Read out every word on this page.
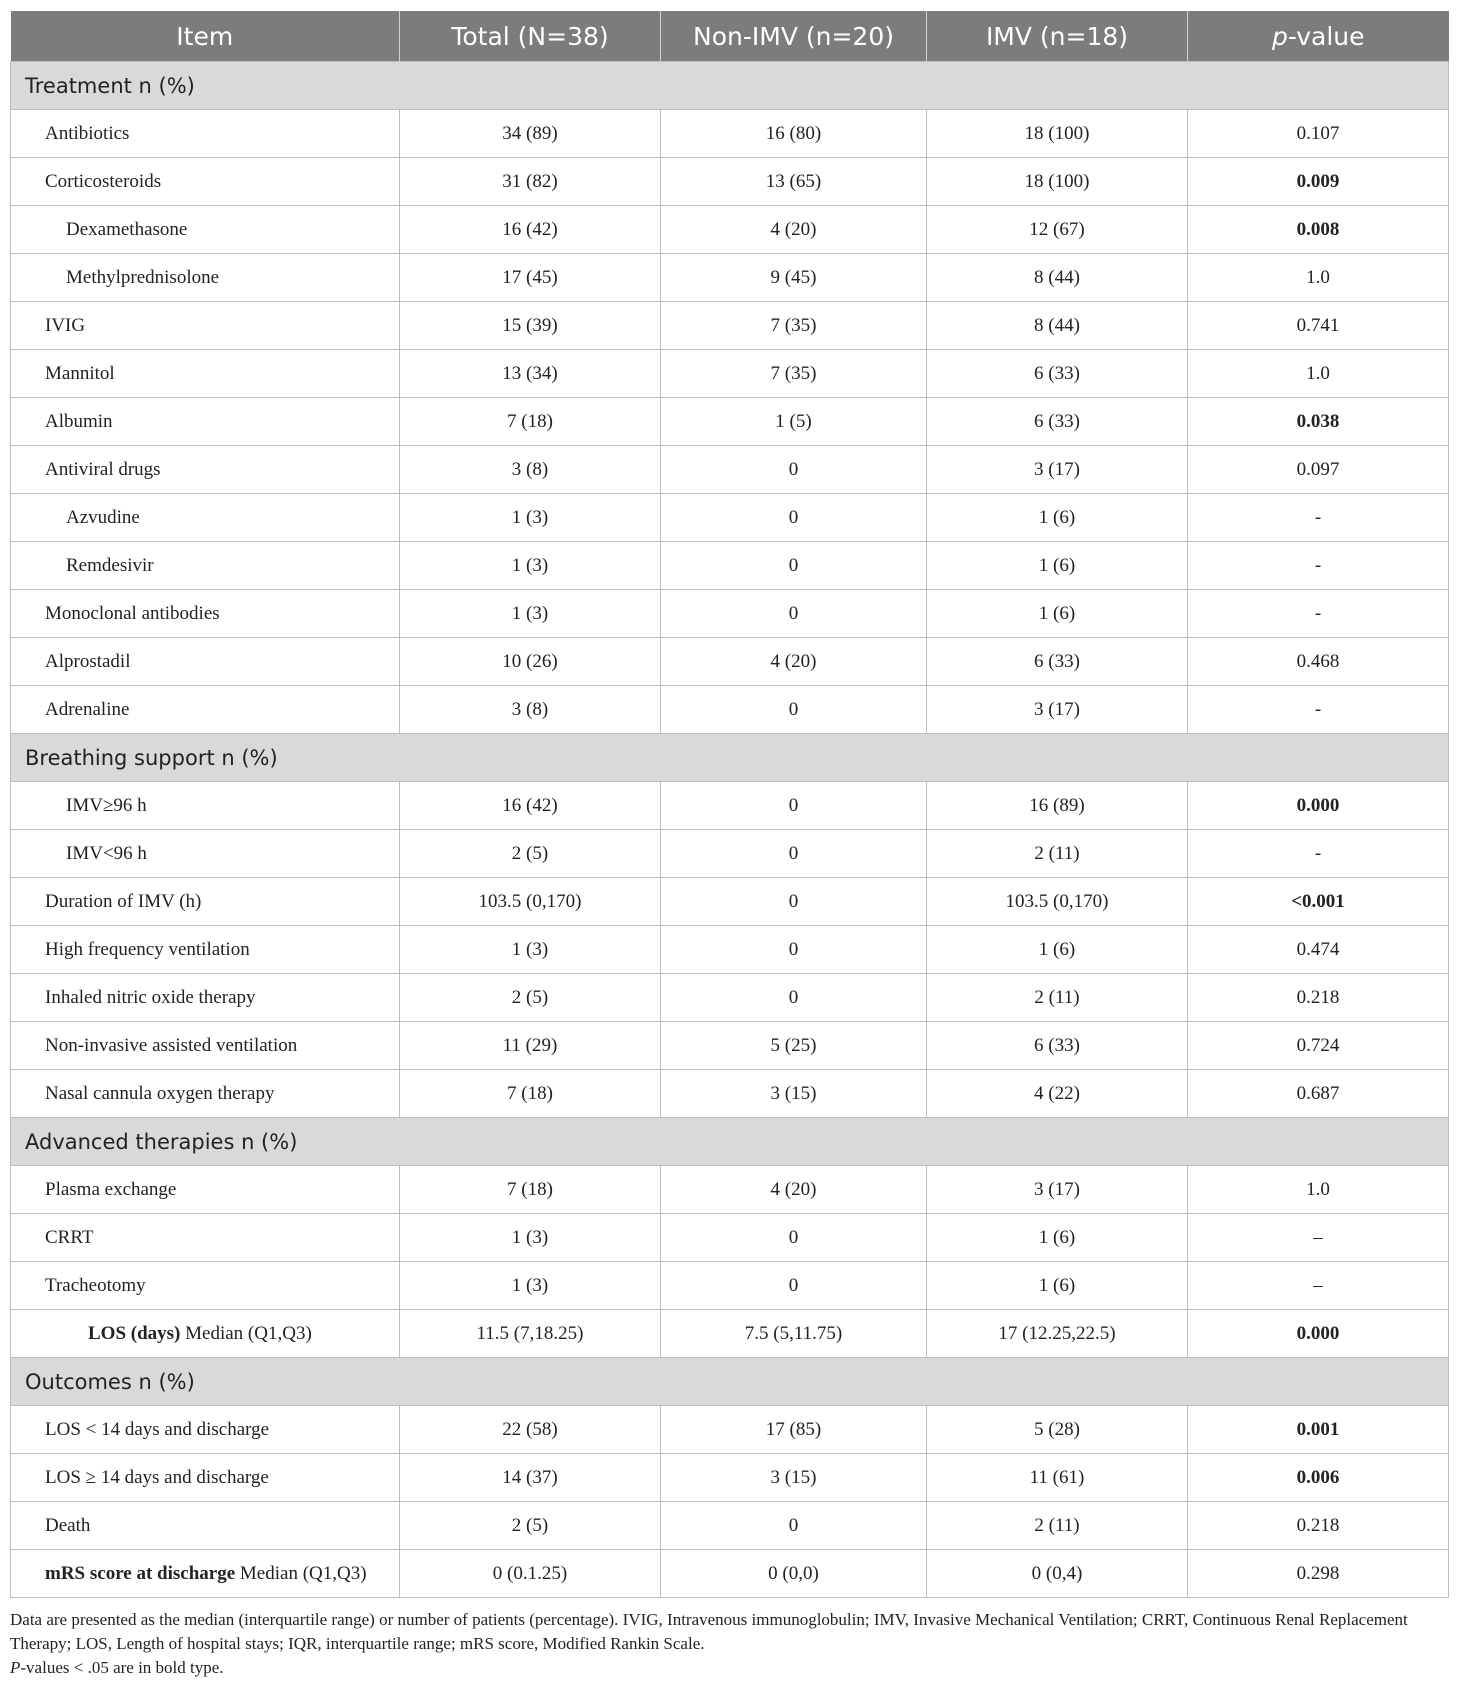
Item	Total (N=38)	Non-IMV (n=20)	IMV (n=18)	p-value
Treatment n (%)				
Antibiotics	34 (89)	16 (80)	18 (100)	0.107
Corticosteroids	31 (82)	13 (65)	18 (100)	0.009
Dexamethasone	16 (42)	4 (20)	12 (67)	0.008
Methylprednisolone	17 (45)	9 (45)	8 (44)	1.0
IVIG	15 (39)	7 (35)	8 (44)	0.741
Mannitol	13 (34)	7 (35)	6 (33)	1.0
Albumin	7 (18)	1 (5)	6 (33)	0.038
Antiviral drugs	3 (8)	0	3 (17)	0.097
Azvudine	1 (3)	0	1 (6)	-
Remdesivir	1 (3)	0	1 (6)	-
Monoclonal antibodies	1 (3)	0	1 (6)	-
Alprostadil	10 (26)	4 (20)	6 (33)	0.468
Adrenaline	3 (8)	0	3 (17)	-
Breathing support n (%)				
IMV≥96 h	16 (42)	0	16 (89)	0.000
IMV<96 h	2 (5)	0	2 (11)	-
Duration of IMV (h)	103.5 (0,170)	0	103.5 (0,170)	<0.001
High frequency ventilation	1 (3)	0	1 (6)	0.474
Inhaled nitric oxide therapy	2 (5)	0	2 (11)	0.218
Non-invasive assisted ventilation	11 (29)	5 (25)	6 (33)	0.724
Nasal cannula oxygen therapy	7 (18)	3 (15)	4 (22)	0.687
Advanced therapies n (%)				
Plasma exchange	7 (18)	4 (20)	3 (17)	1.0
CRRT	1 (3)	0	1 (6)	–
Tracheotomy	1 (3)	0	1 (6)	–
LOS (days) Median (Q1,Q3)	11.5 (7,18.25)	7.5 (5,11.75)	17 (12.25,22.5)	0.000
Outcomes n (%)				
LOS < 14 days and discharge	22 (58)	17 (85)	5 (28)	0.001
LOS ≥ 14 days and discharge	14 (37)	3 (15)	11 (61)	0.006
Death	2 (5)	0	2 (11)	0.218
mRS score at discharge Median (Q1,Q3)	0 (0.1.25)	0 (0,0)	0 (0,4)	0.298
Data are presented as the median (interquartile range) or number of patients (percentage). IVIG, Intravenous immunoglobulin; IMV, Invasive Mechanical Ventilation; CRRT, Continuous Renal Replacement Therapy; LOS, Length of hospital stays; IQR, interquartile range; mRS score, Modified Rankin Scale.
P-values < .05 are in bold type.
